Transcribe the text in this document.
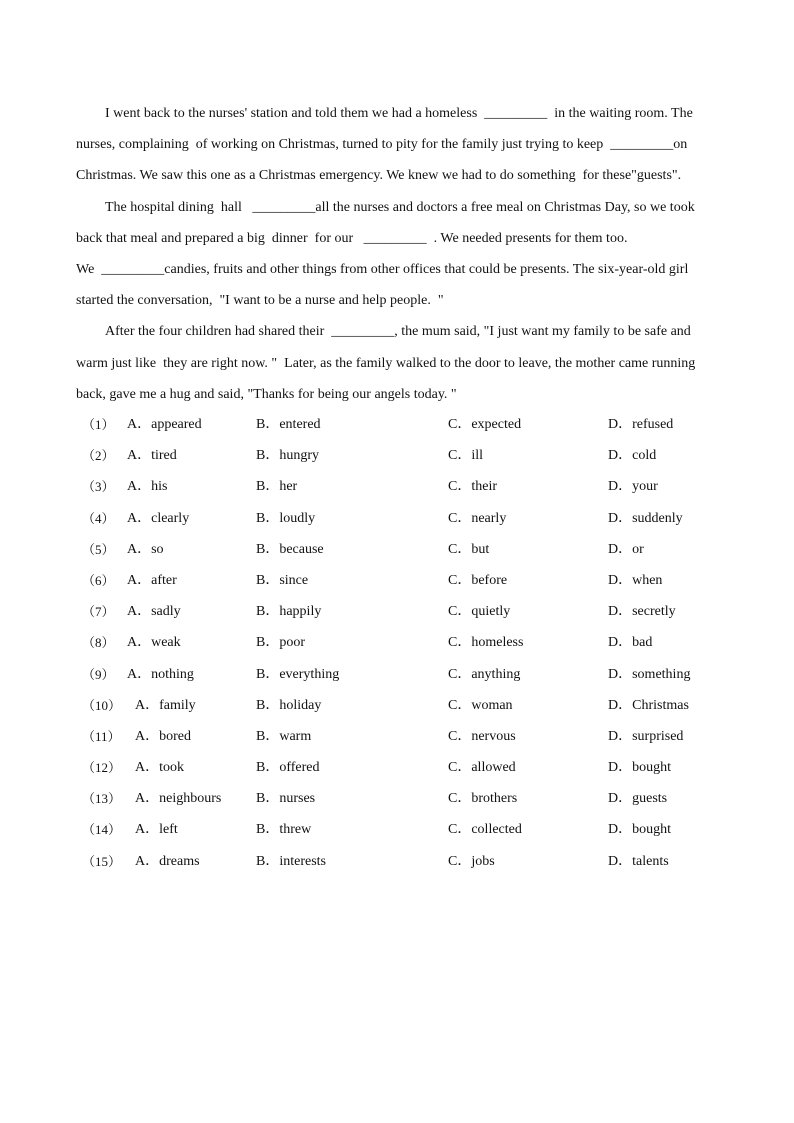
I went back to the nurses' station and told them we had a homeless  _________  in the waiting room. The
nurses, complaining  of working on Christmas, turned to pity for the family just trying to keep  _________on
Christmas. We saw this one as a Christmas emergency. We knew we had to do something  for these"guests".
The hospital dining  hall   _________all the nurses and doctors a free meal on Christmas Day, so we took
back that meal and prepared a big  dinner  for our   _________  . We needed presents for them too.
We  _________candies, fruits and other things from other offices that could be presents. The six-year-old girl
started the conversation,  "I want to be a nurse and help people.  "
After the four children had shared their  _________, the mum said, "I just want my family to be safe and
warm just like  they are right now. "  Later, as the family walked to the door to leave, the mother came running
back, gave me a hug and said, "Thanks for being our angels today. "
（1） A．appeared	B．entered	C．expected	D．refused
（2） A．tired	B．hungry	C．ill	D．cold
（3） A．his	B．her	C．their	D．your
（4） A．clearly	B．loudly	C．nearly	D．suddenly
（5） A．so	B．because	C．but	D．or
（6） A．after	B．since	C．before	D．when
（7） A．sadly	B．happily	C．quietly	D．secretly
（8） A．weak	B．poor	C．homeless	D．bad
（9） A．nothing	B．everything	C．anything	D．something
（10） A．family	B．holiday	C．woman	D．Christmas
（11） A．bored	B．warm	C．nervous	D．surprised
（12） A．took	B．offered	C．allowed	D．bought
（13） A．neighbours B．nurses	C．brothers	D．guests
（14） A．left	B．threw	C．collected	D．bought
（15） A．dreams	B．interests	C．jobs	D．talents
